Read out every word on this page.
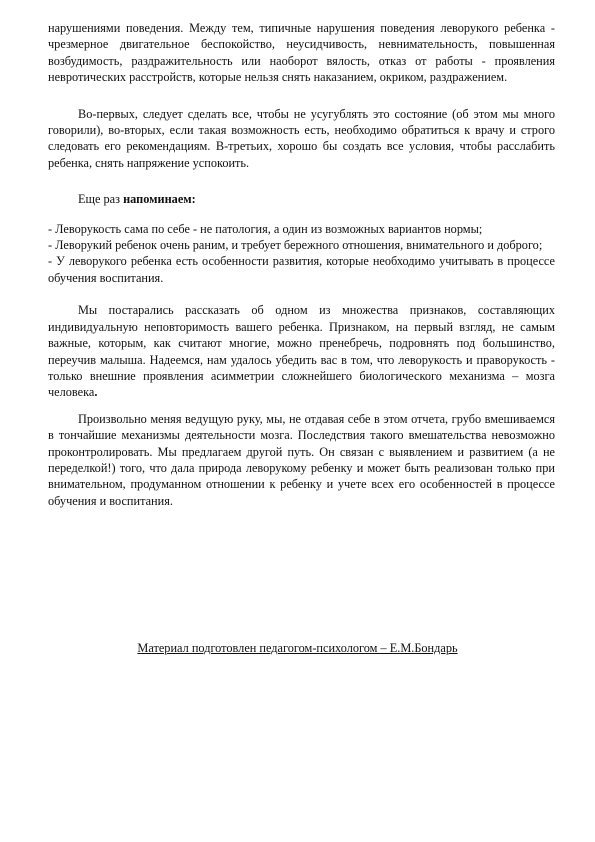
нарушениями поведения. Между тем, типичные нарушения поведения леворукого ребенка - чрезмерное двигательное беспокойство, неусидчивость, невнимательность, повышенная возбудимость, раздражительность или наоборот вялость, отказ от работы - проявления невротических расстройств, которые нельзя снять наказанием, окриком, раздражением.

Во-первых, следует сделать все, чтобы не усугублять это состояние (об этом мы много говорили), во-вторых, если такая возможность есть, необходимо обратиться к врачу и строго следовать его рекомендациям. В-третьих, хорошо бы создать все условия, чтобы расслабить ребенка, снять напряжение успокоить.

Еще раз напоминаем:

- Леворукость сама по себе - не патология, а один из возможных вариантов нормы;

- Леворукий ребенок очень раним, и требует бережного отношения, внимательного и доброго;

- У леворукого ребенка есть особенности развития, которые необходимо учитывать в процессе обучения воспитания.

Мы постарались рассказать об одном из множества признаков, составляющих индивидуальную неповторимость вашего ребенка. Признаком, на первый взгляд, не самым важные, которым, как считают многие, можно пренебречь, подровнять под большинство, переучив малыша. Надеемся, нам удалось убедить вас в том, что леворукость и праворукость - только внешние проявления асимметрии сложнейшего биологического механизма – мозга человека.

Произвольно меняя ведущую руку, мы, не отдавая себе в этом отчета, грубо вмешиваемся в тончайшие механизмы деятельности мозга. Последствия такого вмешательства невозможно проконтролировать. Мы предлагаем другой путь. Он связан с выявлением и развитием (а не переделкой!) того, что дала природа леворукому ребенку и может быть реализован только при внимательном, продуманном отношении к ребенку и учете всех его особенностей в процессе обучения и воспитания.

Материал подготовлен педагогом-психологом – Е.М.Бондарь
